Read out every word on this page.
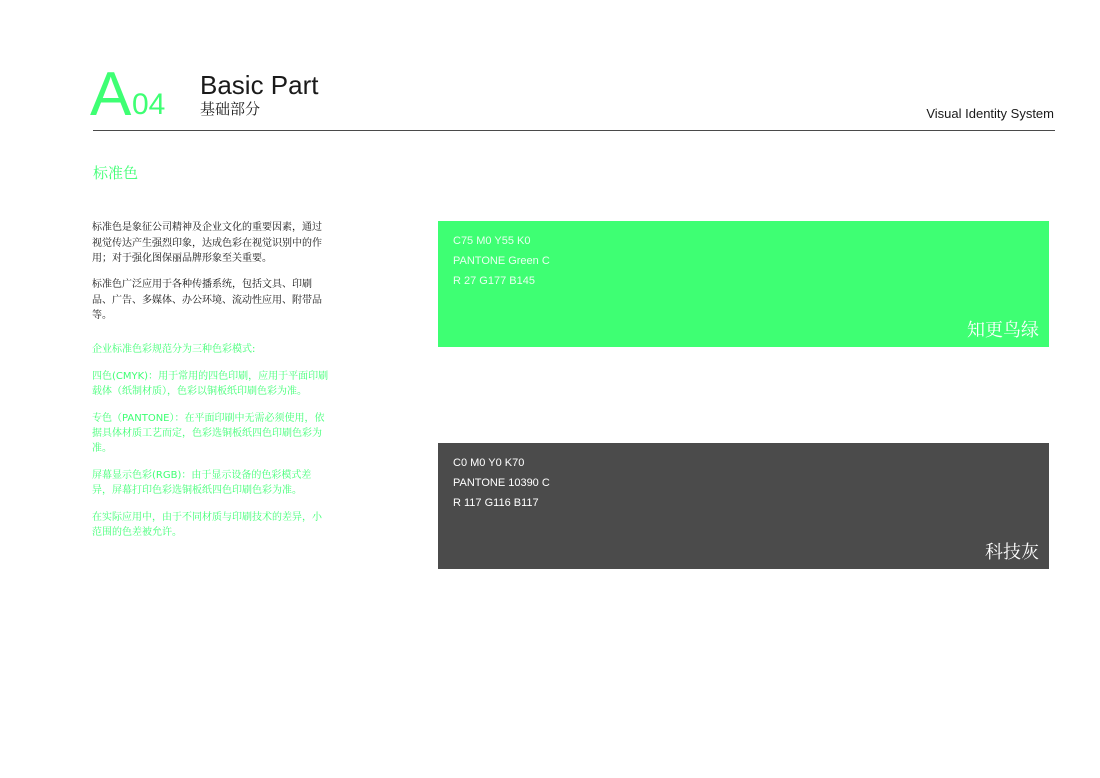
A 04
Basic Part
基础部分	Visual Identity System
标准色
标准色是象征公司精神及企业文化的重要因素，通过视觉传达产生强烈印象，达成色彩在视觉识别中的作用；对于强化图保丽品牌形象至关重要。
标准色广泛应用于各种传播系统，包括文具、印刷品、广告、多媒体、办公环境、流动性应用、附带品等。

企业标准色彩规范分为三种色彩模式:

四色(CMYK)：用于常用的四色印刷，应用于平面印刷载体（纸制材质），色彩以铜板纸印刷色彩为准。

专色（PANTONE）：在平面印刷中无需必须使用，依据具体材质工艺而定，色彩选铜板纸四色印刷色彩为准。

屏幕显示色彩(RGB)：由于显示设备的色彩模式差异，屏幕打印色彩选铜板纸四色印刷色彩为准。

在实际应用中，由于不同材质与印刷技术的差异，小范围的色差被允许。

C75 M0 Y55 K0
PANTONE Green C
R 27 G177 B145
知更鸟绿
C0 M0 Y0 K70
PANTONE 10390 C
R 117 G116 B117
科技灰
